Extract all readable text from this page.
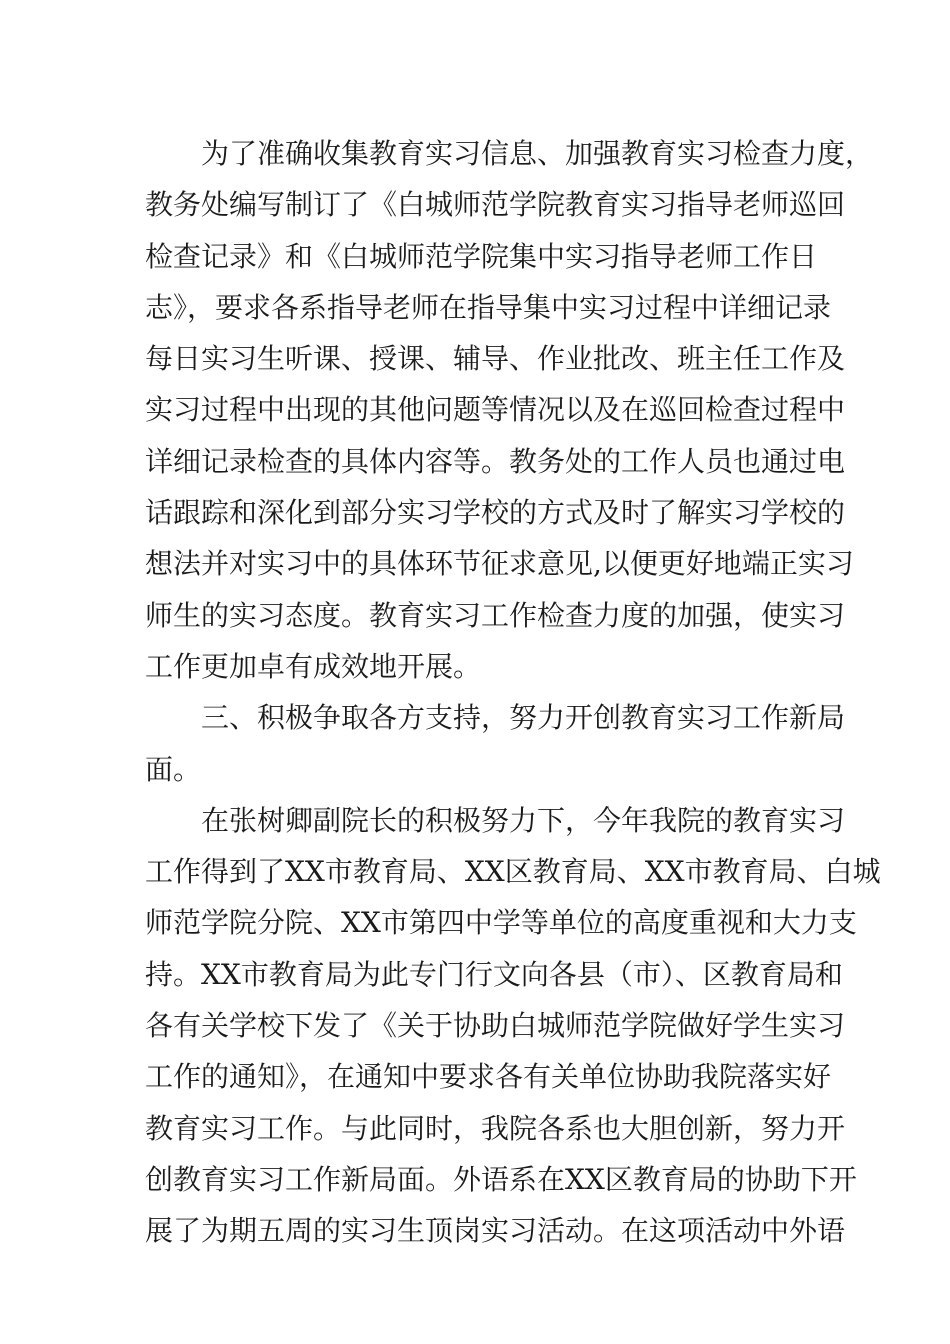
为了准确收集教育实习信息、加强教育实习检查力度，
教务处编写制订了《白城师范学院教育实习指导老师巡回
检查记录》和《白城师范学院集中实习指导老师工作日
志》，要求各系指导老师在指导集中实习过程中详细记录
每日实习生听课、授课、辅导、作业批改、班主任工作及
实习过程中出现的其他问题等情况以及在巡回检查过程中
详细记录检查的具体内容等。教务处的工作人员也通过电
话跟踪和深化到部分实习学校的方式及时了解实习学校的
想法并对实习中的具体环节征求意见,以便更好地端正实习
师生的实习态度。教育实习工作检查力度的加强，使实习
工作更加卓有成效地开展。
三、积极争取各方支持，努力开创教育实习工作新局
面。
在张树卿副院长的积极努力下，今年我院的教育实习
工作得到了XX市教育局、XX区教育局、XX市教育局、白城
师范学院分院、XX市第四中学等单位的高度重视和大力支
持。XX市教育局为此专门行文向各县（市）、区教育局和
各有关学校下发了《关于协助白城师范学院做好学生实习
工作的通知》，在通知中要求各有关单位协助我院落实好
教育实习工作。与此同时，我院各系也大胆创新，努力开
创教育实习工作新局面。外语系在XX区教育局的协助下开
展了为期五周的实习生顶岗实习活动。在这项活动中外语
